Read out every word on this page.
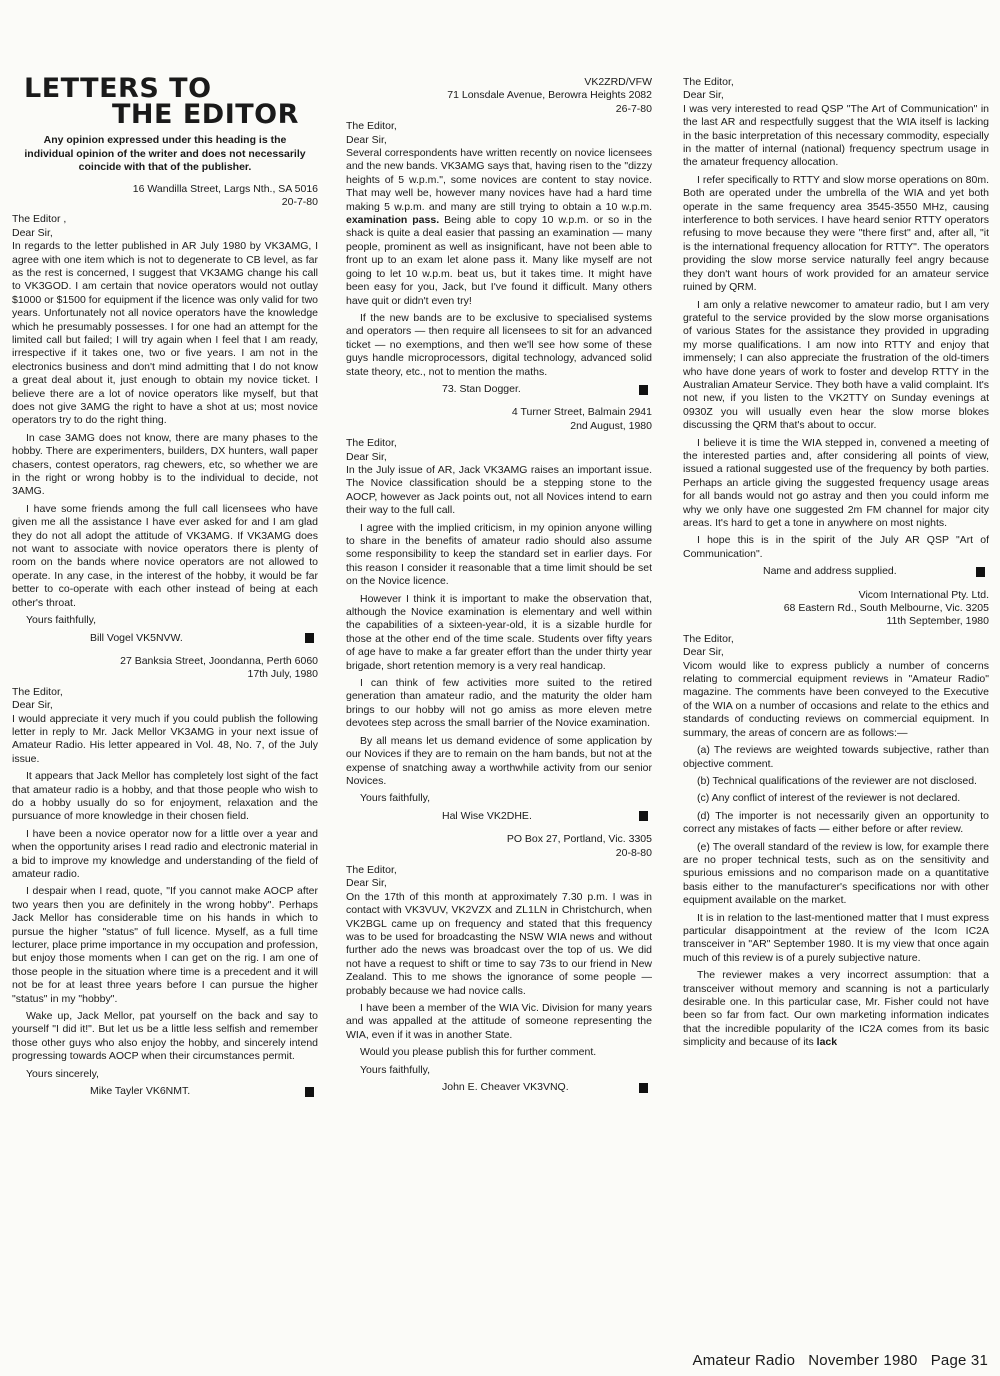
LETTERS TO
THE EDITOR
Any opinion expressed under this heading is the individual opinion of the writer and does not necessarily coincide with that of the publisher.
16 Wandilla Street, Largs Nth., SA 5016
20-7-80
The Editor ,
Dear Sir,

In regards to the letter published in AR July 1980 by VK3AMG, I agree with one item which is not to degenerate to CB level, as far as the rest is concerned, I suggest that VK3AMG change his call to VK3GOD. I am certain that novice operators would not outlay $1000 or $1500 for equipment if the licence was only valid for two years. Unfortunately not all novice operators have the knowledge which he presumably possesses. I for one had an attempt for the limited call but failed; I will try again when I feel that I am ready, irrespective if it takes one, two or five years. I am not in the electronics business and don't mind admitting that I do not know a great deal about it, just enough to obtain my novice ticket. I believe there are a lot of novice operators like myself, but that does not give 3AMG the right to have a shot at us; most novice operators try to do the right thing.

In case 3AMG does not know, there are many phases to the hobby. There are experimenters, builders, DX hunters, wall paper chasers, contest operators, rag chewers, etc, so whether we are in the right or wrong hobby is to the individual to decide, not 3AMG.

I have some friends among the full call licensees who have given me all the assistance I have ever asked for and I am glad they do not all adopt the attitude of VK3AMG. If VK3AMG does not want to associate with novice operators there is plenty of room on the bands where novice operators are not allowed to operate. In any case, in the interest of the hobby, it would be far better to co-operate with each other instead of being at each other's throat.

Yours faithfully,
Bill Vogel VK5NVW.
27 Banksia Street, Joondanna, Perth 6060
17th July, 1980
The Editor,
Dear Sir,

I would appreciate it very much if you could publish the following letter in reply to Mr. Jack Mellor VK3AMG in your next issue of Amateur Radio. His letter appeared in Vol. 48, No. 7, of the July issue.

It appears that Jack Mellor has completely lost sight of the fact that amateur radio is a hobby, and that those people who wish to do a hobby usually do so for enjoyment, relaxation and the pursuance of more knowledge in their chosen field.

I have been a novice operator now for a little over a year and when the opportunity arises I read radio and electronic material in a bid to improve my knowledge and understanding of the field of amateur radio.

I despair when I read, quote, "If you cannot make AOCP after two years then you are definitely in the wrong hobby". Perhaps Jack Mellor has considerable time on his hands in which to pursue the higher "status" of full licence. Myself, as a full time lecturer, place prime importance in my occupation and profession, but enjoy those moments when I can get on the rig. I am one of those people in the situation where time is a precedent and it will not be for at least three years before I can pursue the higher "status" in my "hobby".

Wake up, Jack Mellor, pat yourself on the back and say to yourself "I did it!". But let us be a little less selfish and remember those other guys who also enjoy the hobby, and sincerely intend progressing towards AOCP when their circumstances permit.

Yours sincerely,
Mike Tayler VK6NMT.
VK2ZRD/VFW
71 Lonsdale Avenue, Berowra Heights 2082
26-7-80
The Editor,
Dear Sir,

Several correspondents have written recently on novice licensees and the new bands. VK3AMG says that, having risen to the "dizzy heights of 5 w.p.m.", some novices are content to stay novice. That may well be, however many novices have had a hard time making 5 w.p.m. and many are still trying to obtain a 10 w.p.m. examination pass. Being able to copy 10 w.p.m. or so in the shack is quite a deal easier that passing an examination — many people, prominent as well as insignificant, have not been able to front up to an exam let alone pass it. Many like myself are not going to let 10 w.p.m. beat us, but it takes time. It might have been easy for you, Jack, but I've found it difficult. Many others have quit or didn't even try!

If the new bands are to be exclusive to specialised systems and operators — then require all licensees to sit for an advanced ticket — no exemptions, and then we'll see how some of these guys handle microprocessors, digital technology, advanced solid state theory, etc., not to mention the maths.

73. Stan Dogger.
4 Turner Street, Balmain 2941
2nd August, 1980
The Editor,
Dear Sir,

In the July issue of AR, Jack VK3AMG raises an important issue. The Novice classification should be a stepping stone to the AOCP, however as Jack points out, not all Novices intend to earn their way to the full call.

I agree with the implied criticism, in my opinion anyone willing to share in the benefits of amateur radio should also assume some responsibility to keep the standard set in earlier days. For this reason I consider it reasonable that a time limit should be set on the Novice licence.

However I think it is important to make the observation that, although the Novice examination is elementary and well within the capabilities of a sixteen-year-old, it is a sizable hurdle for those at the other end of the time scale. Students over fifty years of age have to make a far greater effort than the under thirty year brigade, short retention memory is a very real handicap.

I can think of few activities more suited to the retired generation than amateur radio, and the maturity the older ham brings to our hobby will not go amiss as more eleven metre devotees step across the small barrier of the Novice examination.

By all means let us demand evidence of some application by our Novices if they are to remain on the ham bands, but not at the expense of snatching away a worthwhile activity from our senior Novices.

Yours faithfully,
Hal Wise VK2DHE.
PO Box 27, Portland, Vic. 3305
20-8-80
The Editor,
Dear Sir,

On the 17th of this month at approximately 7.30 p.m. I was in contact with VK3VUV, VK2VZX and ZL1LN in Christchurch, when VK2BGL came up on frequency and stated that this frequency was to be used for broadcasting the NSW WIA news and without further ado the news was broadcast over the top of us. We did not have a request to shift or time to say 73s to our friend in New Zealand. This to me shows the ignorance of some people — probably because we had novice calls.

I have been a member of the WIA Vic. Division for many years and was appalled at the attitude of someone representing the WIA, even if it was in another State.

Would you please publish this for further comment.

Yours faithfully,
John E. Cheaver VK3VNQ.
The Editor,
Dear Sir,

I was very interested to read QSP "The Art of Communication" in the last AR and respectfully suggest that the WIA itself is lacking in the basic interpretation of this necessary commodity, especially in the matter of internal (national) frequency spectrum usage in the amateur frequency allocation.

I refer specifically to RTTY and slow morse operations on 80m. Both are operated under the umbrella of the WIA and yet both operate in the same frequency area 3545-3550 MHz, causing interference to both services. I have heard senior RTTY operators refusing to move because they were "there first" and, after all, "it is the international frequency allocation for RTTY". The operators providing the slow morse service naturally feel angry because they don't want hours of work provided for an amateur service ruined by QRM.

I am only a relative newcomer to amateur radio, but I am very grateful to the service provided by the slow morse organisations of various States for the assistance they provided in upgrading my morse qualifications. I am now into RTTY and enjoy that immensely; I can also appreciate the frustration of the old-timers who have done years of work to foster and develop RTTY in the Australian Amateur Service. They both have a valid complaint. It's not new, if you listen to the VK2TTY on Sunday evenings at 0930Z you will usually even hear the slow morse blokes discussing the QRM that's about to occur.

I believe it is time the WIA stepped in, convened a meeting of the interested parties and, after considering all points of view, issued a rational suggested use of the frequency by both parties. Perhaps an article giving the suggested frequency usage areas for all bands would not go astray and then you could inform me why we only have one suggested 2m FM channel for major city areas. It's hard to get a tone in anywhere on most nights.

I hope this is in the spirit of the July AR QSP "Art of Communication".

Name and address supplied.
Vicom International Pty. Ltd.
68 Eastern Rd., South Melbourne, Vic. 3205
11th September, 1980
The Editor,
Dear Sir,

Vicom would like to express publicly a number of concerns relating to commercial equipment reviews in "Amateur Radio" magazine. The comments have been conveyed to the Executive of the WIA on a number of occasions and relate to the ethics and standards of conducting reviews on commercial equipment. In summary, the areas of concern are as follows:—

(a) The reviews are weighted towards subjective, rather than objective comment.

(b) Technical qualifications of the reviewer are not disclosed.

(c) Any conflict of interest of the reviewer is not declared.

(d) The importer is not necessarily given an opportunity to correct any mistakes of facts — either before or after review.

(e) The overall standard of the review is low, for example there are no proper technical tests, such as on the sensitivity and spurious emissions and no comparison made on a quantitative basis either to the manufacturer's specifications nor with other equipment available on the market.

It is in relation to the last-mentioned matter that I must express particular disappointment at the review of the Icom IC2A transceiver in "AR" September 1980. It is my view that once again much of this review is of a purely subjective nature.

The reviewer makes a very incorrect assumption: that a transceiver without memory and scanning is not a particularly desirable one. In this particular case, Mr. Fisher could not have been so far from fact. Our own marketing information indicates that the incredible popularity of the IC2A comes from its basic simplicity and because of its lack

Amateur Radio November 1980 Page 31
